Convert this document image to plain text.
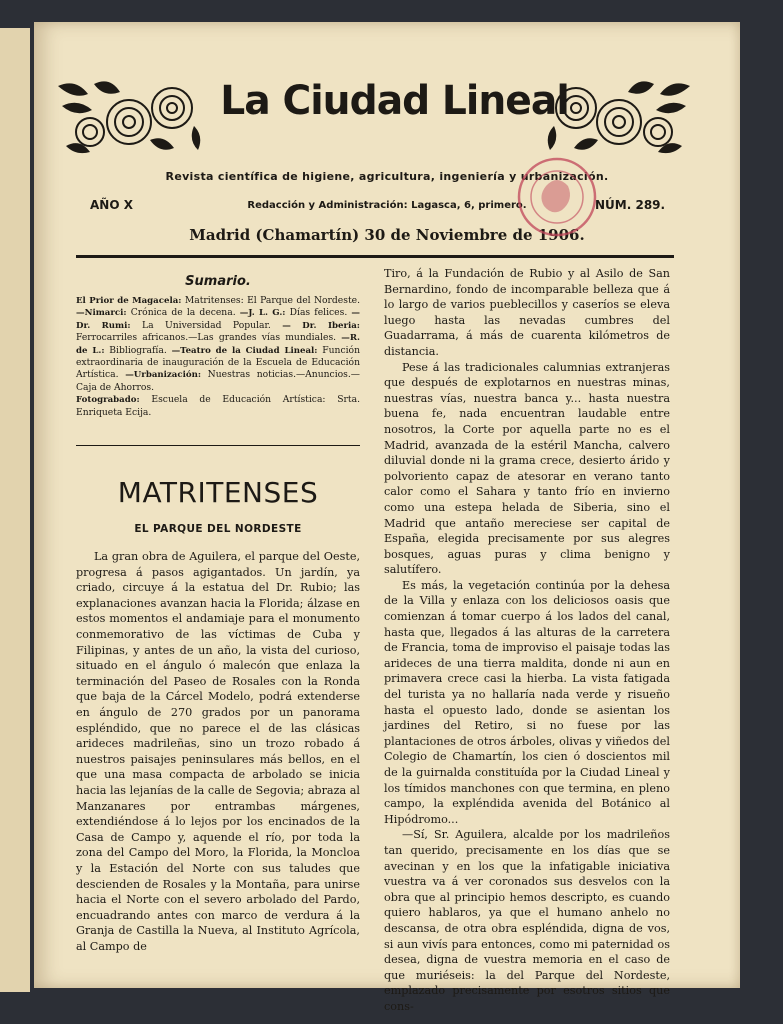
La Ciudad Lineal
Revista científica de higiene, agricultura, ingeniería y urbanización.
AÑO X	Redacción y Administración: Lagasca, 6, primero.	NÚM. 289.
Madrid (Chamartín) 30 de Noviembre de 1906.
Sumario.
El Prior de Magacela: Matritenses: El Parque del Nordeste. —Nimarci: Crónica de la decena. —J. L. G.: Días felices. —Dr. Rumi: La Universidad Popular. — Dr. Iberia: Ferrocarriles africanos.—Las grandes vías mundiales. —R. de L.: Bibliografía. —Teatro de la Ciudad Lineal: Función extraordinaria de inauguración de la Escuela de Educación Artística. —Urbanización: Nuestras noticias.—Anuncios.—Caja de Ahorros.
Fotograbado: Escuela de Educación Artística: Srta. Enriqueta Ecija.
MATRITENSES
EL PARQUE DEL NORDESTE

La gran obra de Aguilera, el parque del Oeste, progresa á pasos agigantados. Un jardín, ya criado, circuye á la estatua del Dr. Rubio; las explanaciones avanzan hacia la Florida; álzase en estos momentos el andamiaje para el monumento conmemorativo de las víctimas de Cuba y Filipinas, y antes de un año, la vista del curioso, situado en el ángulo ó malecón que enlaza la terminación del Paseo de Rosales con la Ronda que baja de la Cárcel Modelo, podrá extenderse en ángulo de 270 grados por un panorama espléndido, que no parece el de las clásicas arideces madrileñas, sino un trozo robado á nuestros paisajes peninsulares más bellos, en el que una masa compacta de arbolado se inicia hacia las lejanías de la calle de Segovia; abraza al Manzanares por entrambas márgenes, extendiéndose á lo lejos por los encinados de la Casa de Campo y, aquende el río, por toda la zona del Campo del Moro, la Florida, la Moncloa y la Estación del Norte con sus taludes que descienden de Rosales y la Montaña, para unirse hacia el Norte con el severo arbolado del Pardo, encuadrando antes con marco de verdura á la Granja de Castilla la Nueva, al Instituto Agrícola, al Campo de

Tiro, á la Fundación de Rubio y al Asilo de San Bernardino, fondo de incomparable belleza que á lo largo de varios pueblecillos y caseríos se eleva luego hasta las nevadas cumbres del Guadarrama, á más de cuarenta kilómetros de distancia.

Pese á las tradicionales calumnias extranjeras que después de explotarnos en nuestras minas, nuestras vías, nuestra banca y... hasta nuestra buena fe, nada encuentran laudable entre nosotros, la Corte por aquella parte no es el Madrid, avanzada de la estéril Mancha, calvero diluvial donde ni la grama crece, desierto árido y polvoriento capaz de atesorar en verano tanto calor como el Sahara y tanto frío en invierno como una estepa helada de Siberia, sino el Madrid que antaño mereciese ser capital de España, elegida precisamente por sus alegres bosques, aguas puras y clima benigno y salutífero.

Es más, la vegetación continúa por la dehesa de la Villa y enlaza con los deliciosos oasis que comienzan á tomar cuerpo á los lados del canal, hasta que, llegados á las alturas de la carretera de Francia, toma de improviso el paisaje todas las arideces de una tierra maldita, donde ni aun en primavera crece casi la hierba. La vista fatigada del turista ya no hallaría nada verde y risueño hasta el opuesto lado, donde se asientan los jardines del Retiro, si no fuese por las plantaciones de otros árboles, olivas y viñedos del Colegio de Chamartín, los cien ó doscientos mil de la guirnalda constituída por la Ciudad Lineal y los tímidos manchones con que termina, en pleno campo, la expléndida avenida del Botánico al Hipódromo...

—Sí, Sr. Aguilera, alcalde por los madrileños tan querido, precisamente en los días que se avecinan y en los que la infatigable iniciativa vuestra va á ver coronados sus desvelos con la obra que al principio hemos descripto, es cuando quiero hablaros, ya que el humano anhelo no descansa, de otra obra espléndida, digna de vos, si aun vivís para entonces, como mi paternidad os desea, digna de vuestra memoria en el caso de que muriéseis: la del Parque del Nordeste, emplazado precisamente por esotros sitios que cons-
